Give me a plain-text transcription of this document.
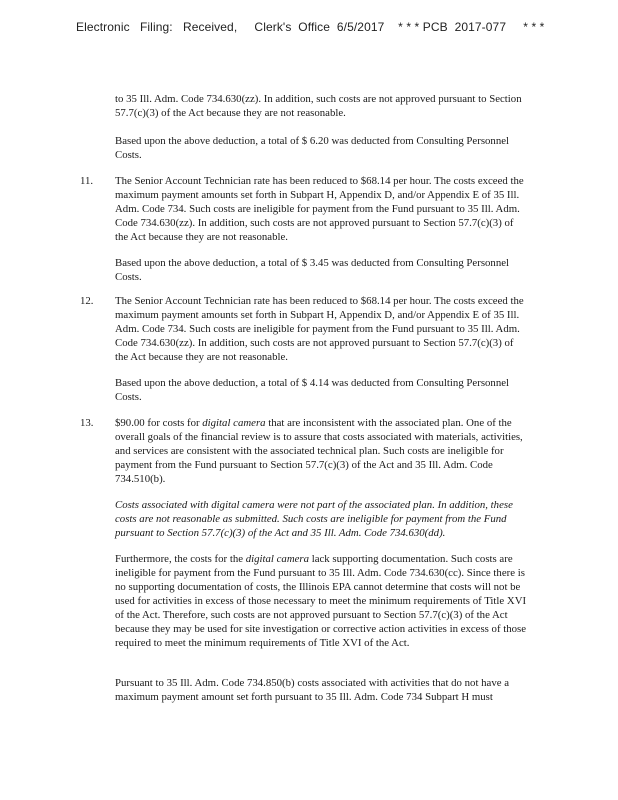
Electronic   Filing:   Received,     Clerk's  Office  6/5/2017    * * * PCB  2017-077     * * *

to 35 Ill. Adm. Code 734.630(zz). In addition, such costs are not approved pursuant to Section 57.7(c)(3) of the Act because they are not reasonable.

Based upon the above deduction, a total of $ 6.20 was deducted from Consulting Personnel Costs.

11. The Senior Account Technician rate has been reduced to $68.14 per hour. The costs exceed the maximum payment amounts set forth in Subpart H, Appendix D, and/or Appendix E of 35 Ill. Adm. Code 734. Such costs are ineligible for payment from the Fund pursuant to 35 Ill. Adm. Code 734.630(zz). In addition, such costs are not approved pursuant to Section 57.7(c)(3) of the Act because they are not reasonable.

Based upon the above deduction, a total of $ 3.45 was deducted from Consulting Personnel Costs.

12. The Senior Account Technician rate has been reduced to $68.14 per hour. The costs exceed the maximum payment amounts set forth in Subpart H, Appendix D, and/or Appendix E of 35 Ill. Adm. Code 734. Such costs are ineligible for payment from the Fund pursuant to 35 Ill. Adm. Code 734.630(zz). In addition, such costs are not approved pursuant to Section 57.7(c)(3) of the Act because they are not reasonable.

Based upon the above deduction, a total of $ 4.14 was deducted from Consulting Personnel Costs.

13. $90.00 for costs for digital camera that are inconsistent with the associated plan. One of the overall goals of the financial review is to assure that costs associated with materials, activities, and services are consistent with the associated technical plan. Such costs are ineligible for payment from the Fund pursuant to Section 57.7(c)(3) of the Act and 35 Ill. Adm. Code 734.510(b).

Costs associated with digital camera were not part of the associated plan. In addition, these costs are not reasonable as submitted. Such costs are ineligible for payment from the Fund pursuant to Section 57.7(c)(3) of the Act and 35 Ill. Adm. Code 734.630(dd).

Furthermore, the costs for the digital camera lack supporting documentation. Such costs are ineligible for payment from the Fund pursuant to 35 Ill. Adm. Code 734.630(cc). Since there is no supporting documentation of costs, the Illinois EPA cannot determine that costs will not be used for activities in excess of those necessary to meet the minimum requirements of Title XVI of the Act. Therefore, such costs are not approved pursuant to Section 57.7(c)(3) of the Act because they may be used for site investigation or corrective action activities in excess of those required to meet the minimum requirements of Title XVI of the Act.

Pursuant to 35 Ill. Adm. Code 734.850(b) costs associated with activities that do not have a maximum payment amount set forth pursuant to 35 Ill. Adm. Code 734 Subpart H must
